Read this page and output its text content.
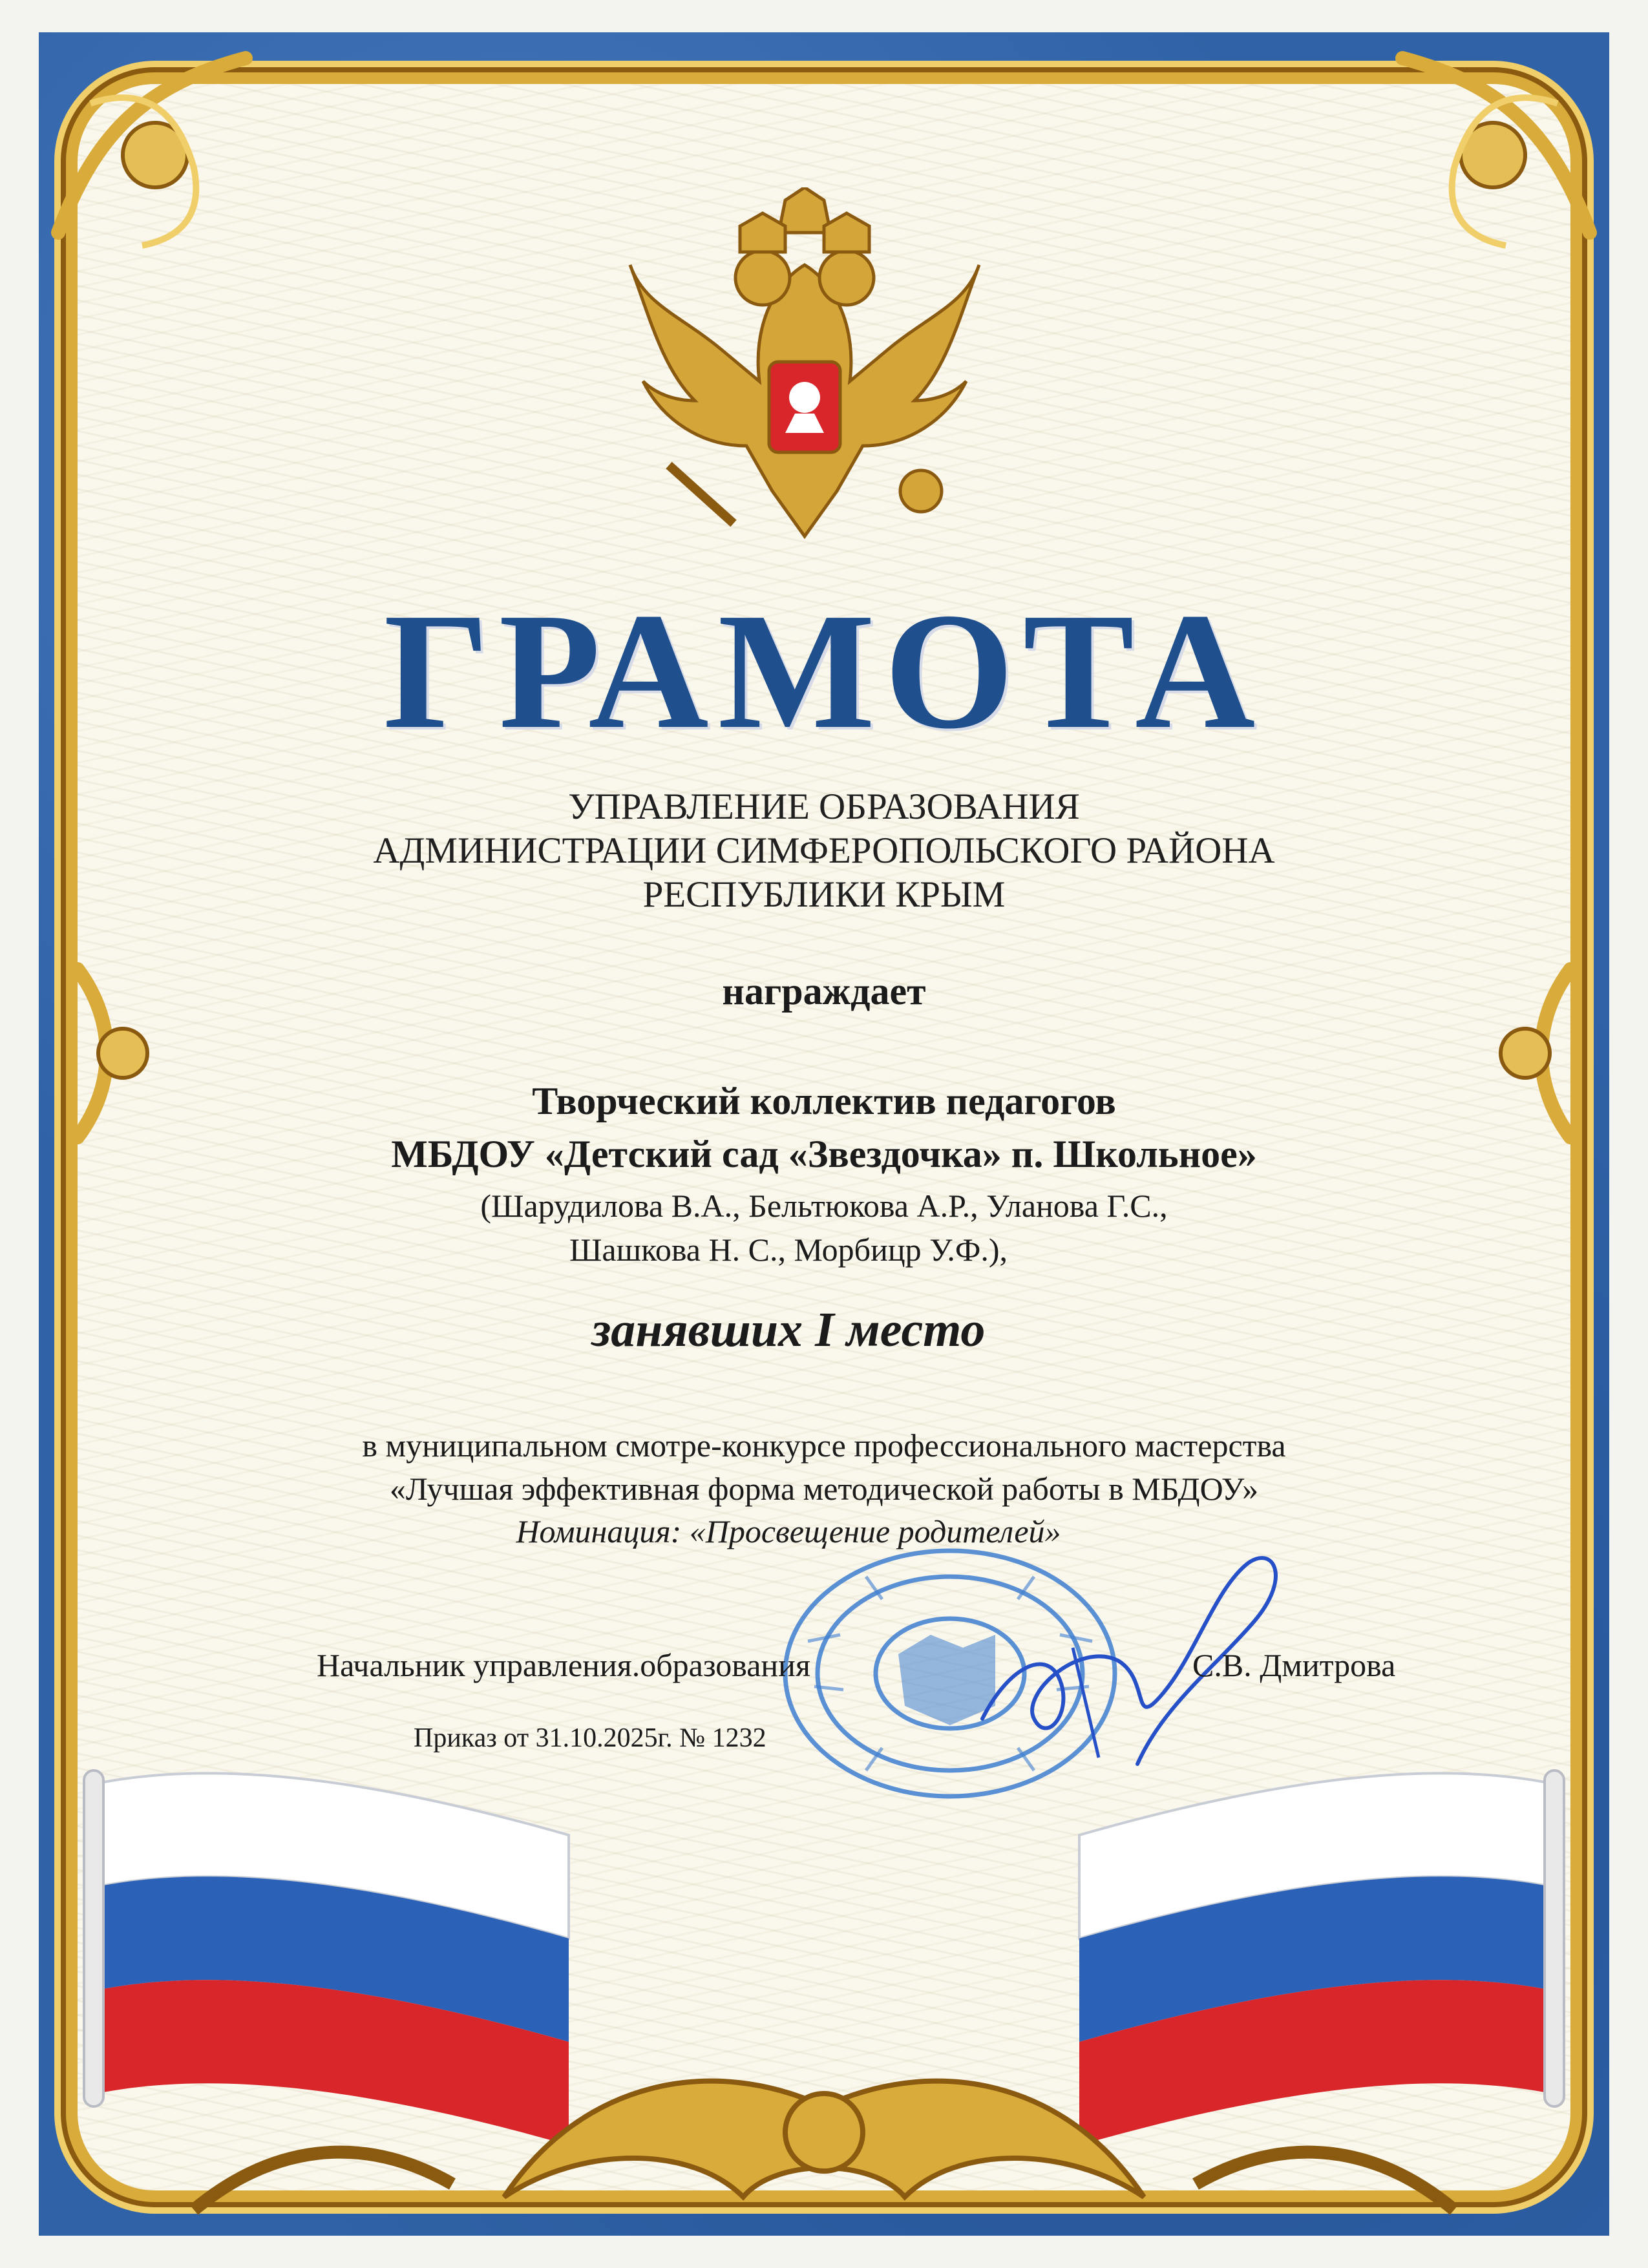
ГРАМОТА
УПРАВЛЕНИЕ ОБРАЗОВАНИЯ
АДМИНИСТРАЦИИ СИМФЕРОПОЛЬСКОГО РАЙОНА
РЕСПУБЛИКИ КРЫМ
награждает
Творческий коллектив педагогов
МБДОУ «Детский сад «Звездочка» п. Школьное»
(Шарудилова В.А., Бельтюкова А.Р., Уланова Г.С.,
Шашкова Н. С., Морбицр У.Ф.),
занявших I место
в муниципальном смотре-конкурсе профессионального мастерства
«Лучшая эффективная форма методической работы в МБДОУ»
Номинация: «Просвещение родителей»
Начальник управления.образования	С.В. Дмитрова
Приказ от 31.10.2025г. № 1232
